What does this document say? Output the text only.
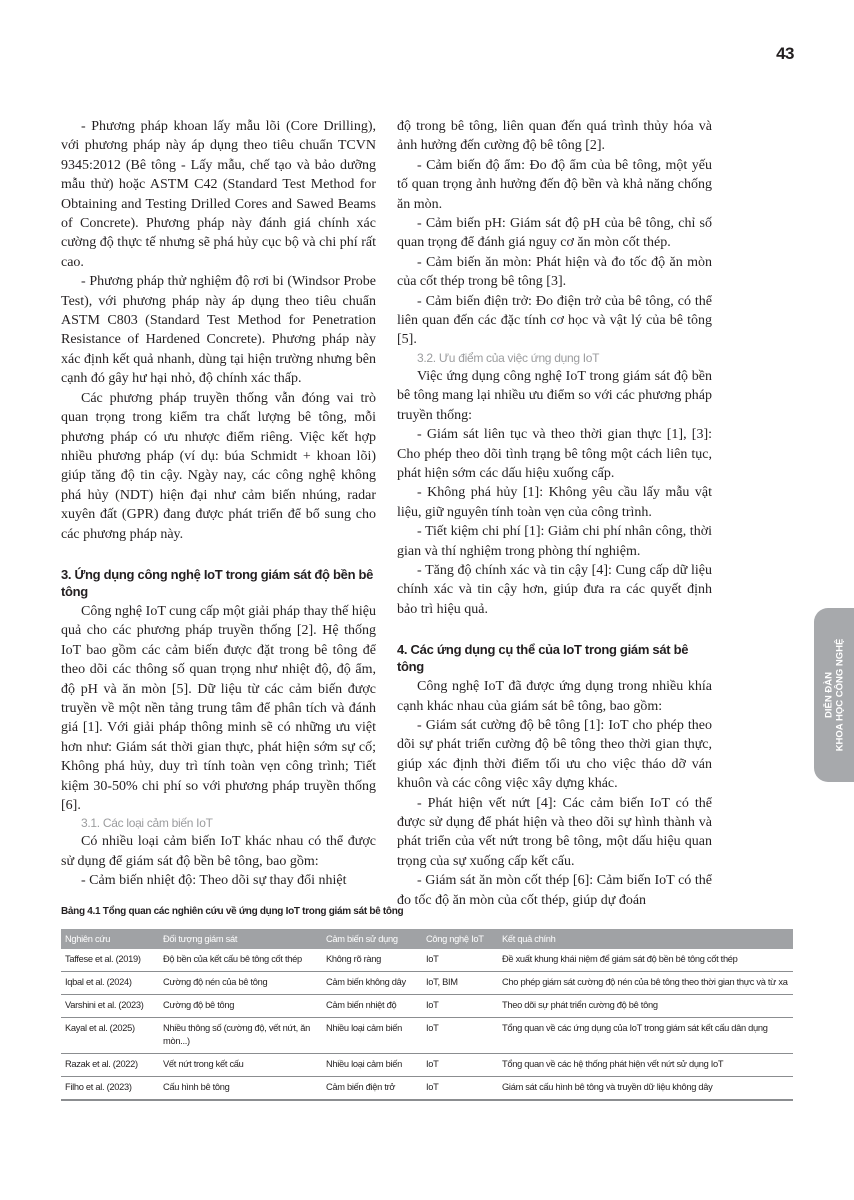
43

- Phương pháp khoan lấy mẫu lõi (Core Drilling), với phương pháp này áp dụng theo tiêu chuẩn TCVN 9345:2012 (Bê tông - Lấy mẫu, chế tạo và bảo dưỡng mẫu thử) hoặc ASTM C42 (Standard Test Method for Obtaining and Testing Drilled Cores and Sawed Beams of Concrete). Phương pháp này đánh giá chính xác cường độ thực tế nhưng sẽ phá hủy cục bộ và chi phí rất cao.

- Phương pháp thử nghiệm độ rơi bi (Windsor Probe Test), với phương pháp này áp dụng theo tiêu chuẩn ASTM C803 (Standard Test Method for Penetration Resistance of Hardened Concrete). Phương pháp này xác định kết quả nhanh, dùng tại hiện trường nhưng bên cạnh đó gây hư hại nhỏ, độ chính xác thấp.

Các phương pháp truyền thống vẫn đóng vai trò quan trọng trong kiểm tra chất lượng bê tông, mỗi phương pháp có ưu nhược điểm riêng. Việc kết hợp nhiều phương pháp (ví dụ: búa Schmidt + khoan lõi) giúp tăng độ tin cậy. Ngày nay, các công nghệ không phá hủy (NDT) hiện đại như cảm biến nhúng, radar xuyên đất (GPR) đang được phát triển để bổ sung cho các phương pháp này.

3. Ứng dụng công nghệ IoT trong giám sát độ bền bê tông

Công nghệ IoT cung cấp một giải pháp thay thế hiệu quả cho các phương pháp truyền thống [2]. Hệ thống IoT bao gồm các cảm biến được đặt trong bê tông để theo dõi các thông số quan trọng như nhiệt độ, độ ẩm, độ pH và ăn mòn [5]. Dữ liệu từ các cảm biến được truyền về một nền tảng trung tâm để phân tích và đánh giá [1]. Với giải pháp thông minh sẽ có những ưu việt hơn như: Giám sát thời gian thực, phát hiện sớm sự cố; Không phá hủy, duy trì tính toàn vẹn công trình; Tiết kiệm 30-50% chi phí so với phương pháp truyền thống [6].

3.1. Các loại cảm biến IoT

Có nhiều loại cảm biến IoT khác nhau có thể được sử dụng để giám sát độ bền bê tông, bao gồm:

- Cảm biến nhiệt độ: Theo dõi sự thay đổi nhiệt

độ trong bê tông, liên quan đến quá trình thủy hóa và ảnh hưởng đến cường độ bê tông [2].

- Cảm biến độ ẩm: Đo độ ẩm của bê tông, một yếu tố quan trọng ảnh hưởng đến độ bền và khả năng chống ăn mòn.

- Cảm biến pH: Giám sát độ pH của bê tông, chỉ số quan trọng để đánh giá nguy cơ ăn mòn cốt thép.

- Cảm biến ăn mòn: Phát hiện và đo tốc độ ăn mòn của cốt thép trong bê tông [3].

- Cảm biến điện trở: Đo điện trở của bê tông, có thể liên quan đến các đặc tính cơ học và vật lý của bê tông [5].

3.2. Ưu điểm của việc ứng dụng IoT

Việc ứng dụng công nghệ IoT trong giám sát độ bền bê tông mang lại nhiều ưu điểm so với các phương pháp truyền thống:

- Giám sát liên tục và theo thời gian thực [1], [3]: Cho phép theo dõi tình trạng bê tông một cách liên tục, phát hiện sớm các dấu hiệu xuống cấp.

- Không phá hủy [1]: Không yêu cầu lấy mẫu vật liệu, giữ nguyên tính toàn vẹn của công trình.

- Tiết kiệm chi phí [1]: Giảm chi phí nhân công, thời gian và thí nghiệm trong phòng thí nghiệm.

- Tăng độ chính xác và tin cậy [4]: Cung cấp dữ liệu chính xác và tin cậy hơn, giúp đưa ra các quyết định bảo trì hiệu quả.

4. Các ứng dụng cụ thể của IoT trong giám sát bê tông

Công nghệ IoT đã được ứng dụng trong nhiều khía cạnh khác nhau của giám sát bê tông, bao gồm:

- Giám sát cường độ bê tông [1]: IoT cho phép theo dõi sự phát triển cường độ bê tông theo thời gian thực, giúp xác định thời điểm tối ưu cho việc tháo dỡ ván khuôn và các công việc xây dựng khác.

- Phát hiện vết nứt [4]: Các cảm biến IoT có thể được sử dụng để phát hiện và theo dõi sự hình thành và phát triển của vết nứt trong bê tông, một dấu hiệu quan trọng của sự xuống cấp kết cấu.

- Giám sát ăn mòn cốt thép [6]: Cảm biến IoT có thể đo tốc độ ăn mòn của cốt thép, giúp dự đoán

DIỄN ĐÀN KHOA HỌC CÔNG NGHỆ
Bảng 4.1 Tổng quan các nghiên cứu về ứng dụng IoT trong giám sát bê tông
Nghiên cứu	Đối tượng giám sát	Cảm biến sử dụng	Công nghệ IoT	Kết quả chính
Taffese et al. (2019)	Độ bền của kết cấu bê tông cốt thép	Không rõ ràng	IoT	Đề xuất khung khái niệm để giám sát độ bền bê tông cốt thép
Iqbal et al. (2024)	Cường độ nén của bê tông	Cảm biến không dây	IoT, BIM	Cho phép giám sát cường độ nén của bê tông theo thời gian thực và từ xa
Varshini et al. (2023)	Cường độ bê tông	Cảm biến nhiệt độ	IoT	Theo dõi sự phát triển cường độ bê tông
Kayal et al. (2025)	Nhiều thông số (cường độ, vết nứt, ăn mòn...)	Nhiều loại cảm biến	IoT	Tổng quan về các ứng dụng của IoT trong giám sát kết cấu dân dụng
Razak et al. (2022)	Vết nứt trong kết cấu	Nhiều loại cảm biến	IoT	Tổng quan về các hệ thống phát hiện vết nứt sử dụng IoT
Filho et al. (2023)	Cấu hình bê tông	Cảm biến điện trở	IoT	Giám sát cấu hình bê tông và truyền dữ liệu không dây
